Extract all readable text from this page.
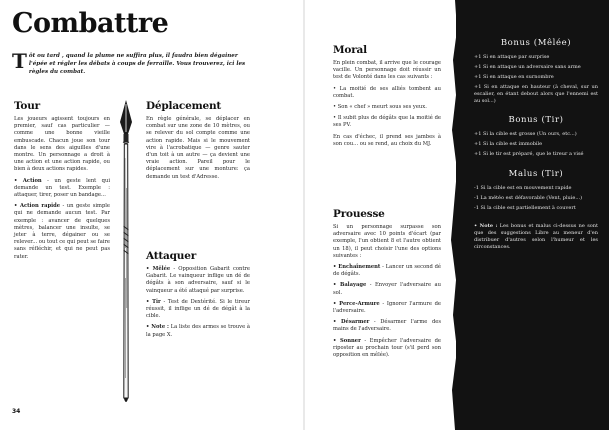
Combattre
Tôt ou tard , quand la plume ne suffira plus, il faudra bien dégainer l'épée et régler les débats à coups de ferraille. Vous trouverez, ici les règles du combat.
Tour
Les joueurs agissent toujours en premier, sauf cas particulier — comme une bonne vieille embuscade. Chacun joue son tour dans le sens des aiguilles d'une montre. Un personnage a droit à une action et une action rapide, ou bien à deux actions rapides.
• Action - un geste lent qui demande un test. Exemple : attaquer, tirer, poser un bandage...
• Action rapide - un geste simple qui ne demande aucun test. Par exemple : avancer de quelques mètres, balancer une insulte, se jeter à terre, dégainer ou se relever... ou tout ce qui peut se faire sans réfléchir, et qui ne peut pas rater.
Déplacement
En règle générale, se déplacer en combat sur une zone de 10 mètres, ou se relever du sol compte comme une action rapide. Mais si le mouvement vire à l'acrobatique — genre sauter d'un toit à un autre — ça devient une vraie action. Pareil pour le déplacement sur une monture: ça demande un test d'Adresse.
Attaquer
• Mêlée - Opposition Gabarit contre Gabarit. Le vainqueur inflige un dé de dégâts à son adversaire, sauf si le vainqueur a été attaqué par surprise.
• Tir - Test de Dextérité. Si le tireur réussit, il inflige un dé de dégât à la cible.
• Note : La liste des armes se trouve à la page X.
34
Moral
En plein combat, il arrive que le courage vacille. Un personnage doit réussir un test de Volonté dans les cas suivants :
• La moitié de ses alliés tombent au combat.
• Son « chef » meurt sous ses yeux.
• Il subit plus de dégâts que la moitié de ses PV.
En cas d'échec, il prend ses jambes à son cou... ou se rend, au choix du MJ.
Prouesse
Si un personnage surpasse son adversaire avec 10 points d'écart (par exemple, l'un obtient 8 et l'autre obtient un 18), il peut choisir l'une des options suivantes :
• Enchaînement - Lancer un second dé de dégâts.
• Balayage - Envoyer l'adversaire au sol.
• Perce-Armure - Ignorer l'armure de l'adversaire.
• Désarmer - Désarmer l'arme des mains de l'adversaire.
• Sonner - Empêcher l'adversaire de riposter au prochain tour (s'il perd son opposition en mêlée).
Bonus (Mêlée)
+1 Si en attaque par surprise
+1 Si en attaque un adversaire sans arme
+1 Si en attaque en surnombre
+1 Si en attaque en hauteur (à cheval, sur un escalier, en étant debout alors que l'ennemi est au sol...)
Bonus (Tir)
+1 Si la cible est grosse (Un ours, etc...)
+1 Si la cible est immobile
+1 Si le tir est préparé, que le tireur a visé
Malus (Tir)
-1 Si la cible est en mouvement rapide
-1 La météo est défavorable (Vent, pluie...)
-1 Si la cible est partiellement à couvert
• Note : Les bonus et malus ci-dessus ne sont que des suggestions Libre au meneur d'en distribuer d'autres selon l'humeur et les circonstances.
